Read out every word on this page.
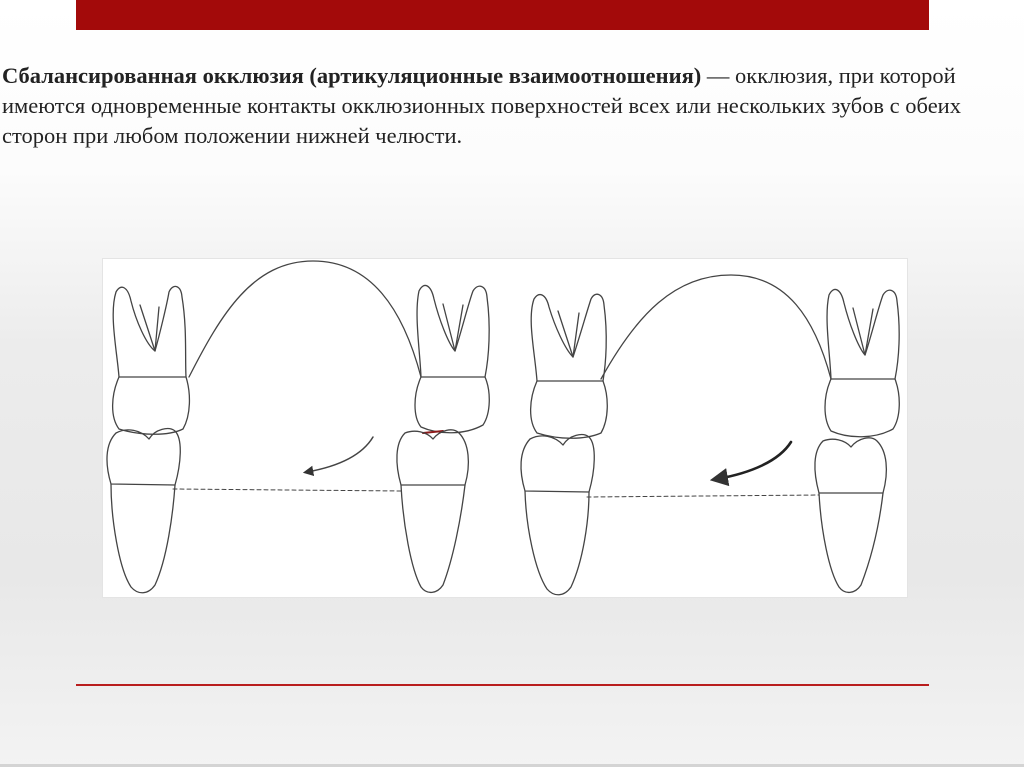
Сбалансированная окклюзия (артикуляционные взаимоотношения) — окклюзия, при которой имеются одновременные контакты окклюзионных поверхностей всех или нескольких зубов с обеих сторон при любом положении нижней челюсти.
